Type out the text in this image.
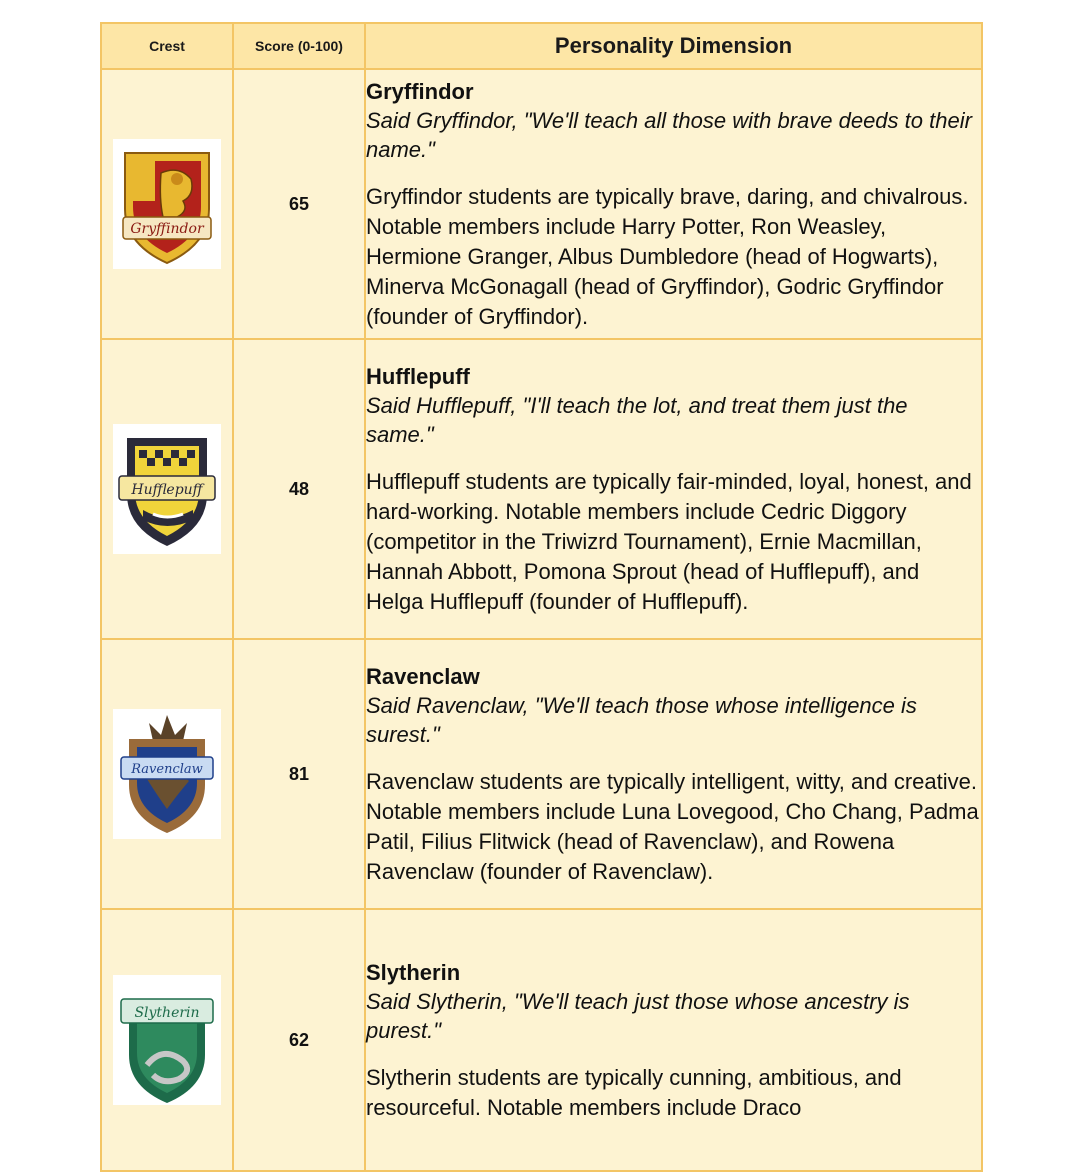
Crest	Score (0-100)	Personality Dimension

Gryffindor	65	Gryffindor
Said Gryffindor, "We'll teach all those with brave deeds to their name."
Gryffindor students are typically brave, daring, and chivalrous. Notable members include Harry Potter, Ron Weasley, Hermione Granger, Albus Dumbledore (head of Hogwarts), Minerva McGonagall (head of Gryffindor), Godric Gryffindor (founder of Gryffindor).

Hufflepuff	48	Hufflepuff
Said Hufflepuff, "I'll teach the lot, and treat them just the same."
Hufflepuff students are typically fair-minded, loyal, honest, and hard-working. Notable members include Cedric Diggory (competitor in the Triwizrd Tournament), Ernie Macmillan, Hannah Abbott, Pomona Sprout (head of Hufflepuff), and Helga Hufflepuff (founder of Hufflepuff).

Ravenclaw	81	Ravenclaw
Said Ravenclaw, "We'll teach those whose intelligence is surest."
Ravenclaw students are typically intelligent, witty, and creative. Notable members include Luna Lovegood, Cho Chang, Padma Patil, Filius Flitwick (head of Ravenclaw), and Rowena Ravenclaw (founder of Ravenclaw).

Slytherin	62	Slytherin
Said Slytherin, "We'll teach just those whose ancestry is purest."
Slytherin students are typically cunning, ambitious, and resourceful. Notable members include Draco
